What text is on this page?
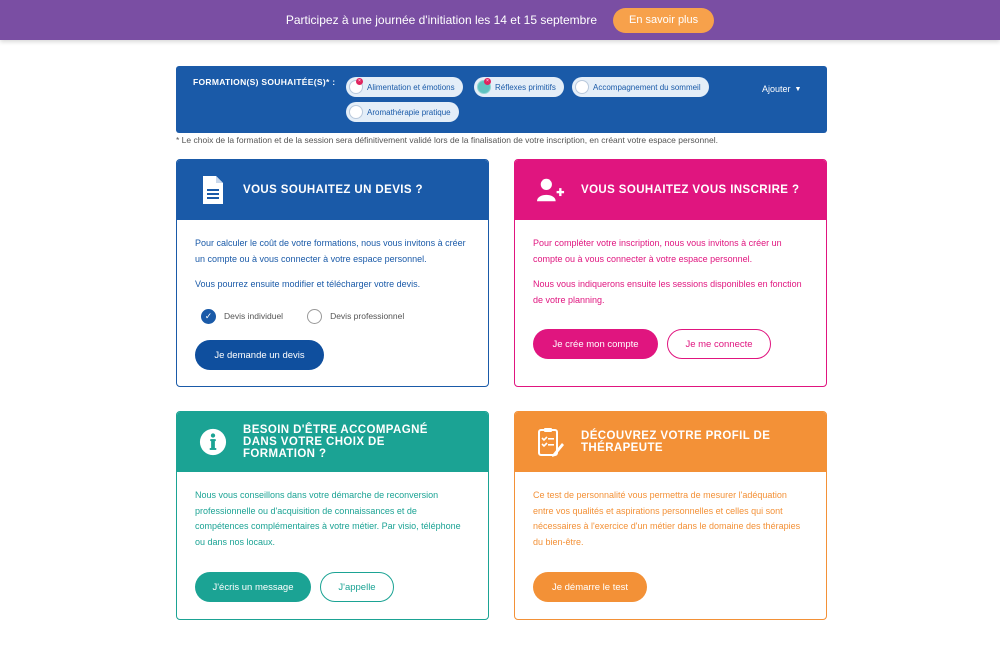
Participez à une journée d'initiation les 14 et 15 septembre	En savoir plus
FORMATION(S) SOUHAITÉE(S)* :	×
Alimentation et émotions
×
Réflexes primitifs	Accompagnement du sommeil
Aromathérapie pratique
Ajouter ▼
* Le choix de la formation et de la session sera définitivement validé lors de la finalisation de votre inscription, en créant votre espace personnel.
VOUS SOUHAITEZ UN DEVIS ?

Pour calculer le coût de votre formations, nous vous invitons à créer un compte ou à vous connecter à votre espace personnel.

Vous pourrez ensuite modifier et télécharger votre devis.

✓	Devis individuel	Devis professionnel
Je demande un devis
VOUS SOUHAITEZ VOUS INSCRIRE ?

Pour compléter votre inscription, nous vous invitons à créer un compte ou à vous connecter à votre espace personnel.

Nous vous indiquerons ensuite les sessions disponibles en fonction de votre planning.

Je crée mon compte	Je me connecte
BESOIN D'ÊTRE ACCOMPAGNÉ
DANS VOTRE CHOIX DE
FORMATION ?

Nous vous conseillons dans votre démarche de reconversion professionnelle ou d'acquisition de connaissances et de compétences complémentaires à votre métier. Par visio, téléphone ou dans nos locaux.

J'écris un message	J'appelle
DÉCOUVREZ VOTRE PROFIL DE
THÉRAPEUTE

Ce test de personnalité vous permettra de mesurer l'adéquation entre vos qualités et aspirations personnelles et celles qui sont nécessaires à l'exercice d'un métier dans le domaine des thérapies du bien-être.

Je démarre le test
